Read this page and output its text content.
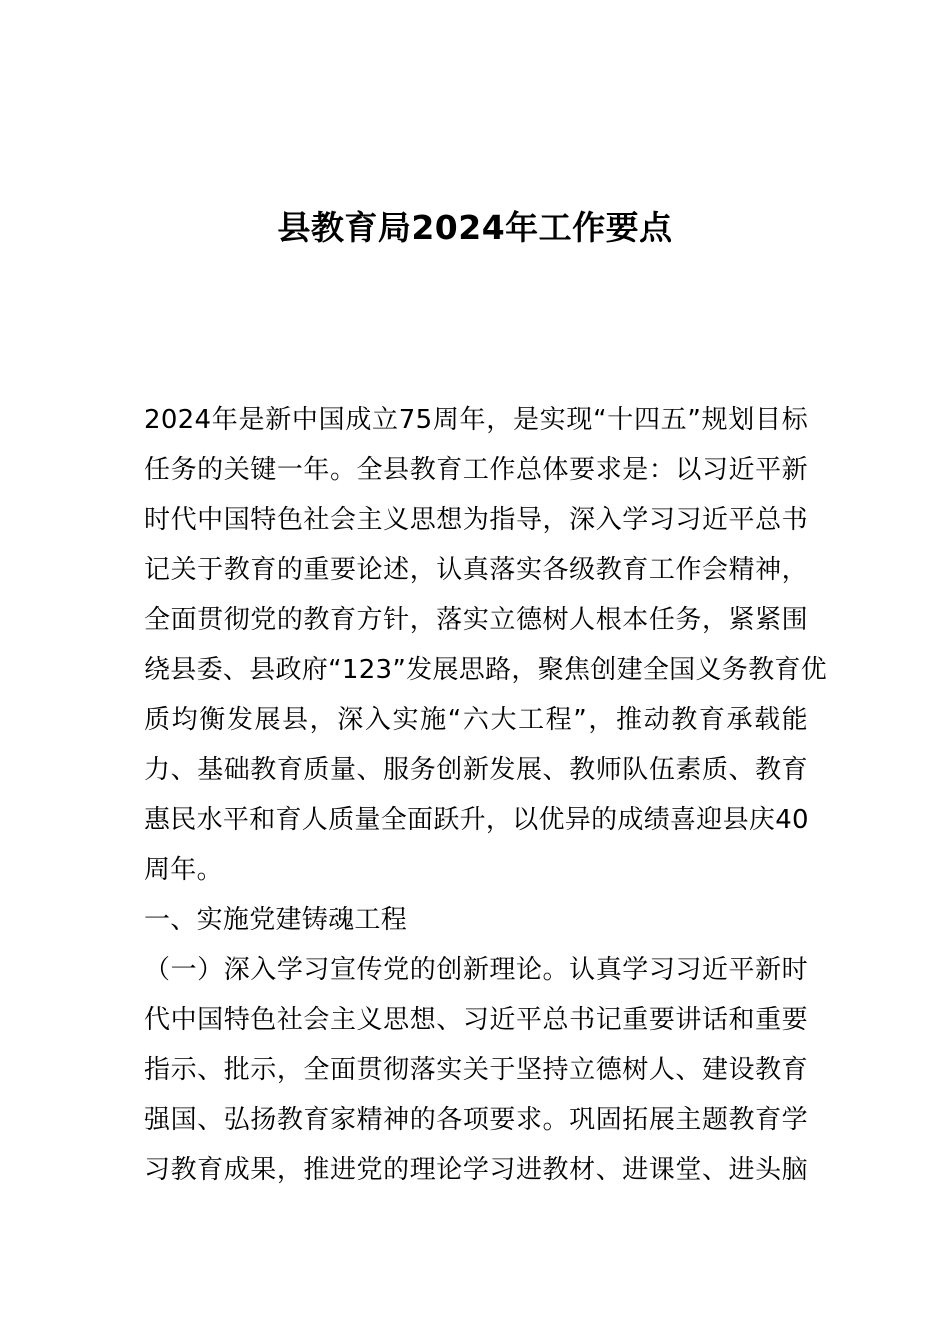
县教育局2024年工作要点
2024年是新中国成立75周年，是实现“十四五”规划目标
任务的关键一年。全县教育工作总体要求是：以习近平新
时代中国特色社会主义思想为指导，深入学习习近平总书
记关于教育的重要论述，认真落实各级教育工作会精神，
全面贯彻党的教育方针，落实立德树人根本任务，紧紧围
绕县委、县政府“123”发展思路，聚焦创建全国义务教育优
质均衡发展县，深入实施“六大工程”，推动教育承载能
力、基础教育质量、服务创新发展、教师队伍素质、教育
惠民水平和育人质量全面跃升，以优异的成绩喜迎县庆40
周年。
一、实施党建铸魂工程
（一）深入学习宣传党的创新理论。认真学习习近平新时
代中国特色社会主义思想、习近平总书记重要讲话和重要
指示、批示，全面贯彻落实关于坚持立德树人、建设教育
强国、弘扬教育家精神的各项要求。巩固拓展主题教育学
习教育成果，推进党的理论学习进教材、进课堂、进头脑
